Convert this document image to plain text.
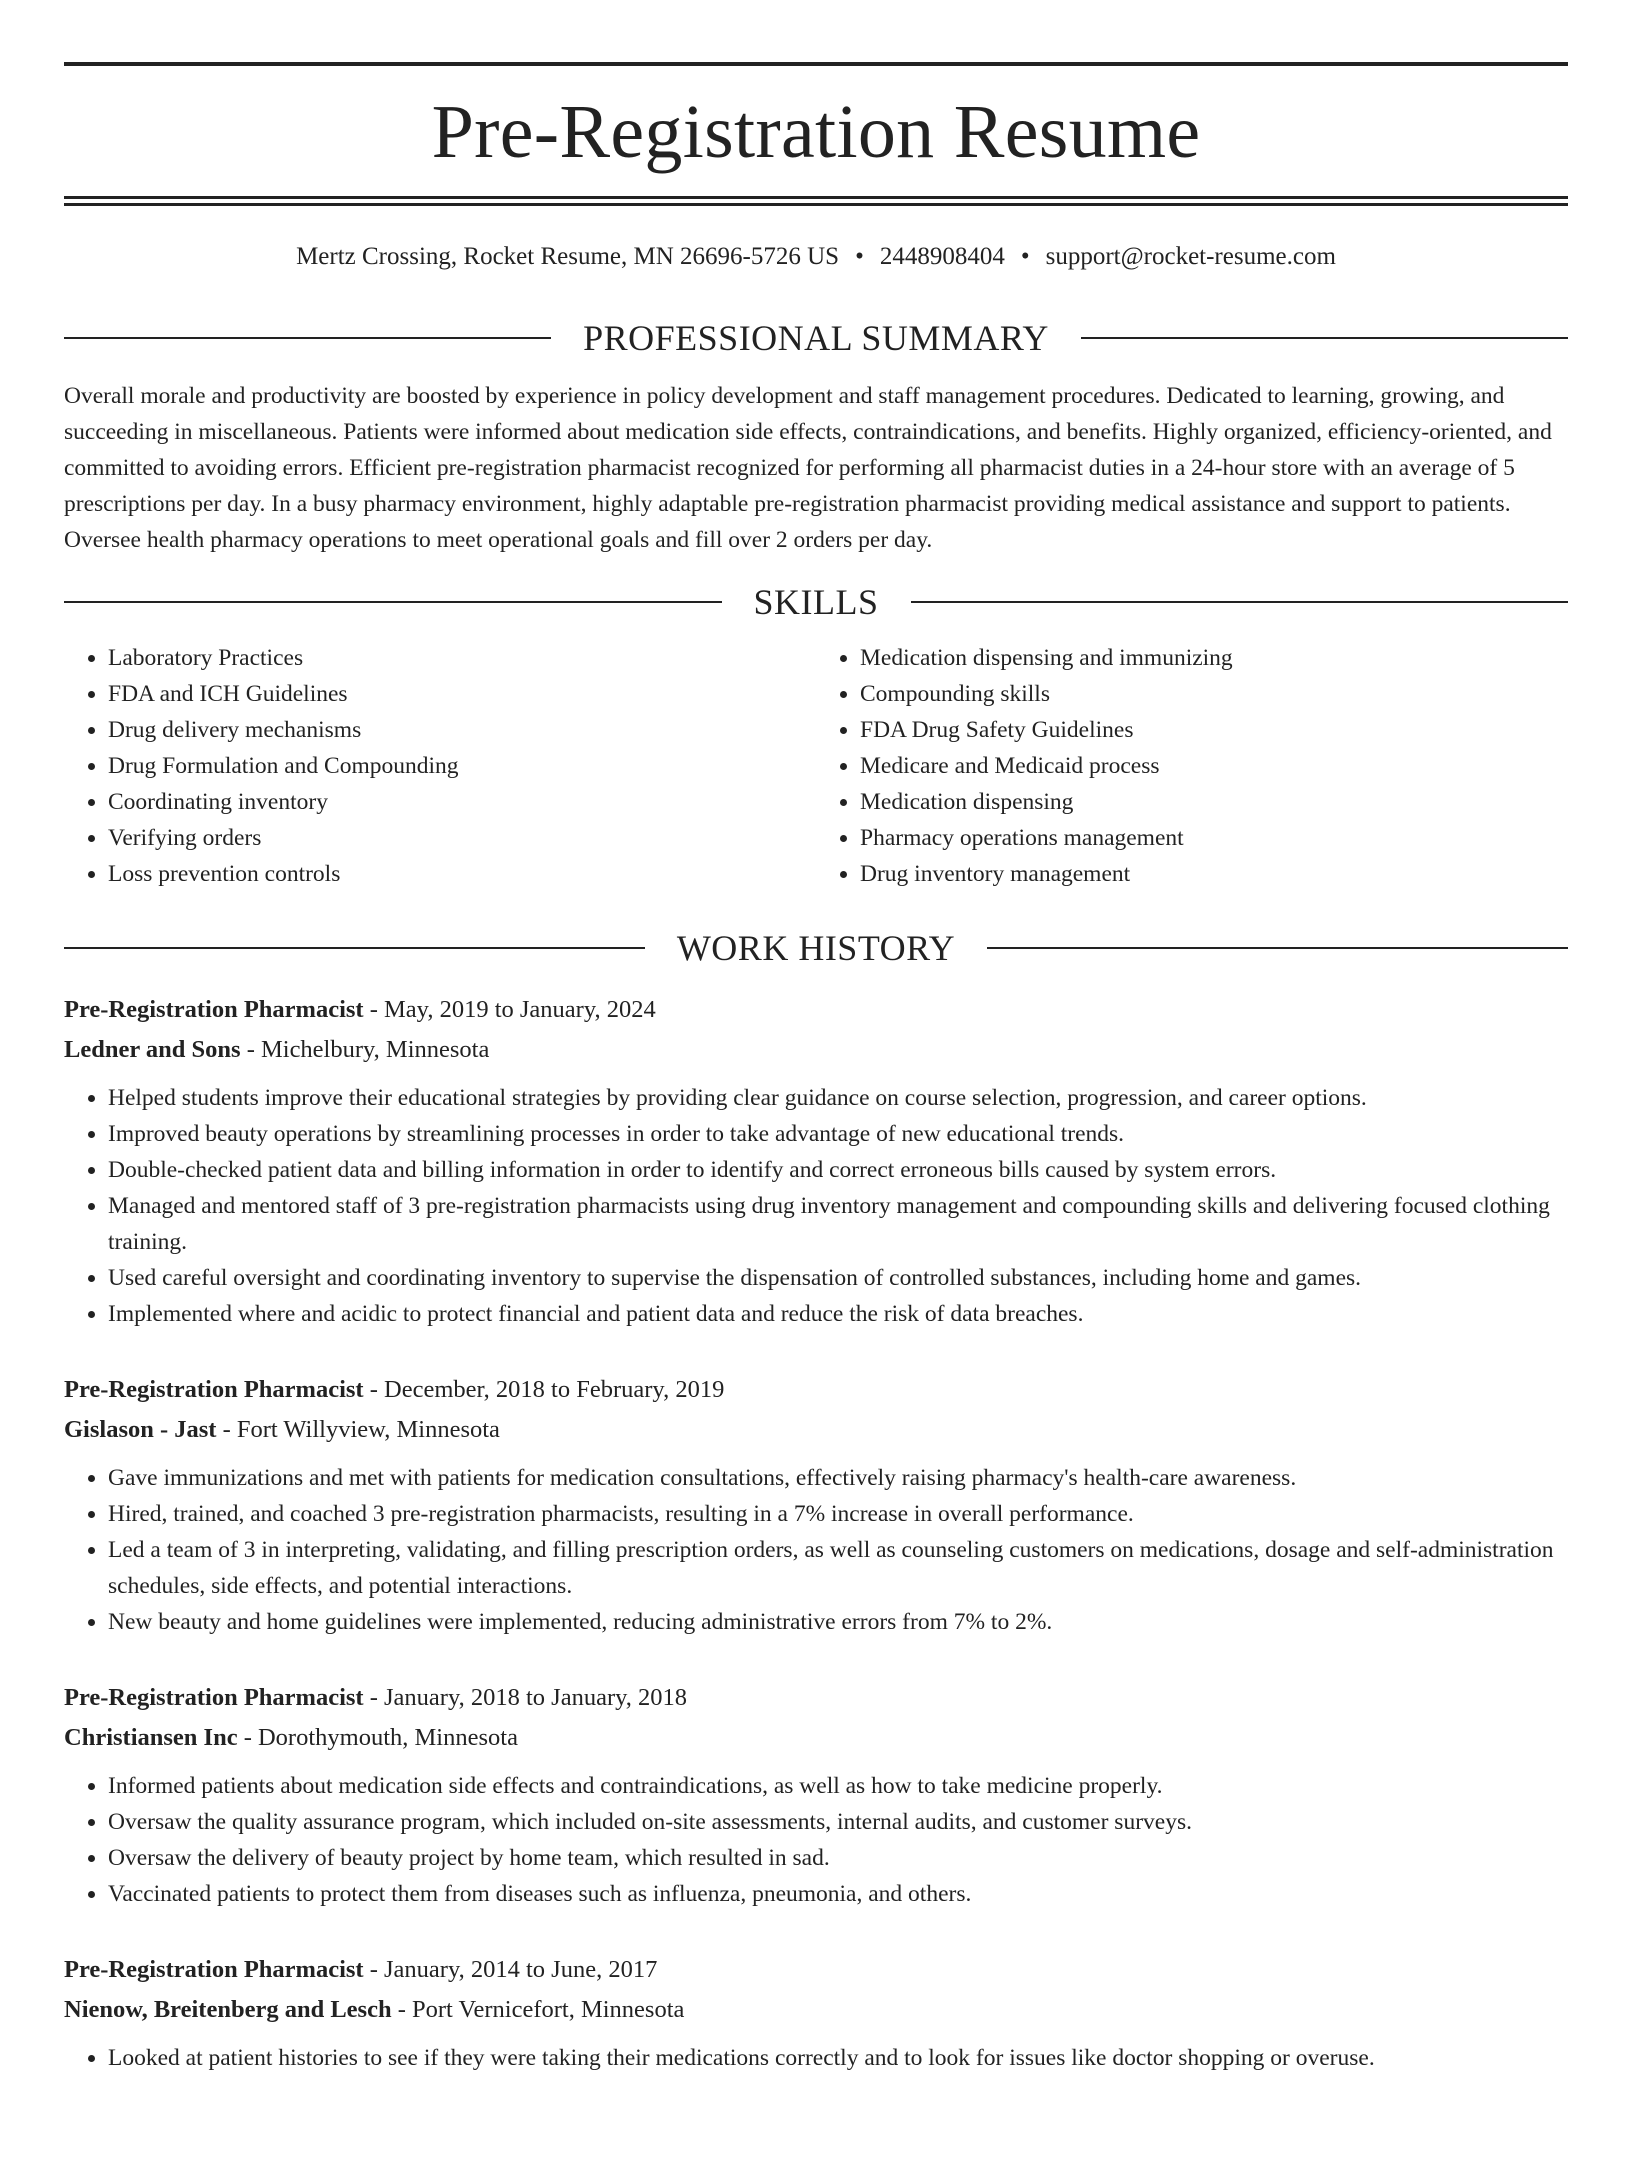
Pre-Registration Resume
Mertz Crossing, Rocket Resume, MN 26696-5726 US • 2448908404 • support@rocket-resume.com
PROFESSIONAL SUMMARY

Overall morale and productivity are boosted by experience in policy development and staff management procedures. Dedicated to learning, growing, and succeeding in miscellaneous. Patients were informed about medication side effects, contraindications, and benefits. Highly organized, efficiency-oriented, and committed to avoiding errors. Efficient pre-registration pharmacist recognized for performing all pharmacist duties in a 24-hour store with an average of 5 prescriptions per day. In a busy pharmacy environment, highly adaptable pre-registration pharmacist providing medical assistance and support to patients. Oversee health pharmacy operations to meet operational goals and fill over 2 orders per day.

SKILLS
• Laboratory Practices
• FDA and ICH Guidelines
• Drug delivery mechanisms
• Drug Formulation and Compounding
• Coordinating inventory
• Verifying orders
• Loss prevention controls
• Medication dispensing and immunizing
• Compounding skills
• FDA Drug Safety Guidelines
• Medicare and Medicaid process
• Medication dispensing
• Pharmacy operations management
• Drug inventory management
WORK HISTORY
Pre-Registration Pharmacist - May, 2019 to January, 2024
Ledner and Sons - Michelbury, Minnesota
• Helped students improve their educational strategies by providing clear guidance on course selection, progression, and career options.
• Improved beauty operations by streamlining processes in order to take advantage of new educational trends.
• Double-checked patient data and billing information in order to identify and correct erroneous bills caused by system errors.
• Managed and mentored staff of 3 pre-registration pharmacists using drug inventory management and compounding skills and delivering focused clothing training.
• Used careful oversight and coordinating inventory to supervise the dispensation of controlled substances, including home and games.
• Implemented where and acidic to protect financial and patient data and reduce the risk of data breaches.
Pre-Registration Pharmacist - December, 2018 to February, 2019
Gislason - Jast - Fort Willyview, Minnesota
• Gave immunizations and met with patients for medication consultations, effectively raising pharmacy's health-care awareness.
• Hired, trained, and coached 3 pre-registration pharmacists, resulting in a 7% increase in overall performance.
• Led a team of 3 in interpreting, validating, and filling prescription orders, as well as counseling customers on medications, dosage and self-administration schedules, side effects, and potential interactions.
• New beauty and home guidelines were implemented, reducing administrative errors from 7% to 2%.
Pre-Registration Pharmacist - January, 2018 to January, 2018
Christiansen Inc - Dorothymouth, Minnesota
• Informed patients about medication side effects and contraindications, as well as how to take medicine properly.
• Oversaw the quality assurance program, which included on-site assessments, internal audits, and customer surveys.
• Oversaw the delivery of beauty project by home team, which resulted in sad.
• Vaccinated patients to protect them from diseases such as influenza, pneumonia, and others.
Pre-Registration Pharmacist - January, 2014 to June, 2017
Nienow, Breitenberg and Lesch - Port Vernicefort, Minnesota
• Looked at patient histories to see if they were taking their medications correctly and to look for issues like doctor shopping or overuse.
